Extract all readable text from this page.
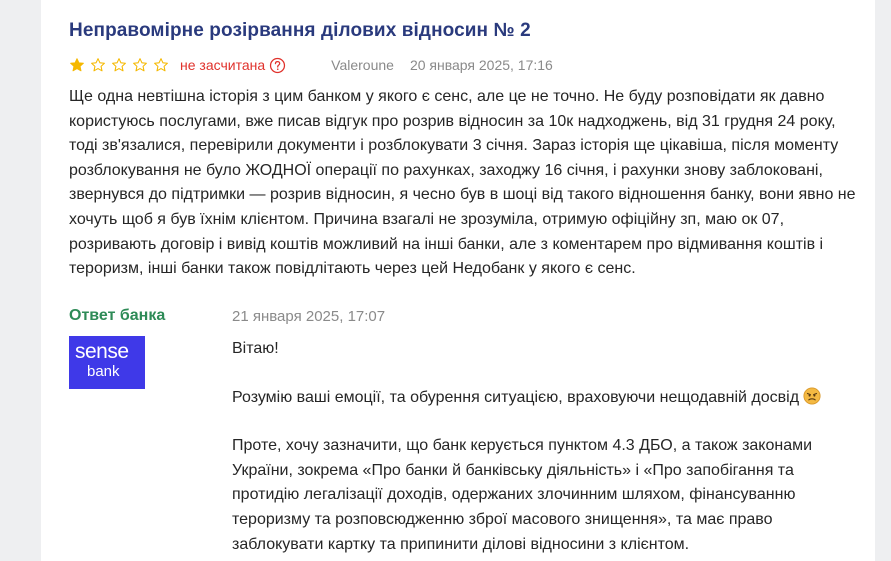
Неправомірне розірвання ділових відносин № 2
не засчитана	Valeroune 20 января 2025, 17:16
Ще одна невтішна історія з цим банком у якого є сенс, але це не точно. Не буду розповідати як давно користуюсь послугами, вже писав відгук про розрив відносин за 10к надходжень, від 31 грудня 24 року, тоді зв'язалися, перевірили документи і розблокувати 3 січня. Зараз історія ще цікавіша, після моменту розблокування не було ЖОДНОЇ операції по рахунках, заходжу 16 січня, і рахунки знову заблоковані, звернувся до підтримки — розрив відносин, я чесно був в шоці від такого відношення банку, вони явно не хочуть щоб я був їхнім клієнтом. Причина взагалі не зрозуміла, отримую офіційну зп, маю ок 07, розривають договір і вивід коштів можливий на інші банки, але з коментарем про відмивання коштів і тероризм, інші банки також повідлітають через цей Недобанк у якого є сенс.
Ответ банка
sense
bank
21 января 2025, 17:07

Вітаю!

Розумію ваші емоції, та обурення ситуацією, враховуючи нещодавній досвід

Проте, хочу зазначити, що банк керується пунктом 4.3 ДБО, а також законами України, зокрема «Про банки й банківську діяльність» і «Про запобігання та протидію легалізації доходів, одержаних злочинним шляхом, фінансуванню тероризму та розповсюдженню зброї масового знищення», та має право заблокувати картку та припинити ділові відносини з клієнтом.
